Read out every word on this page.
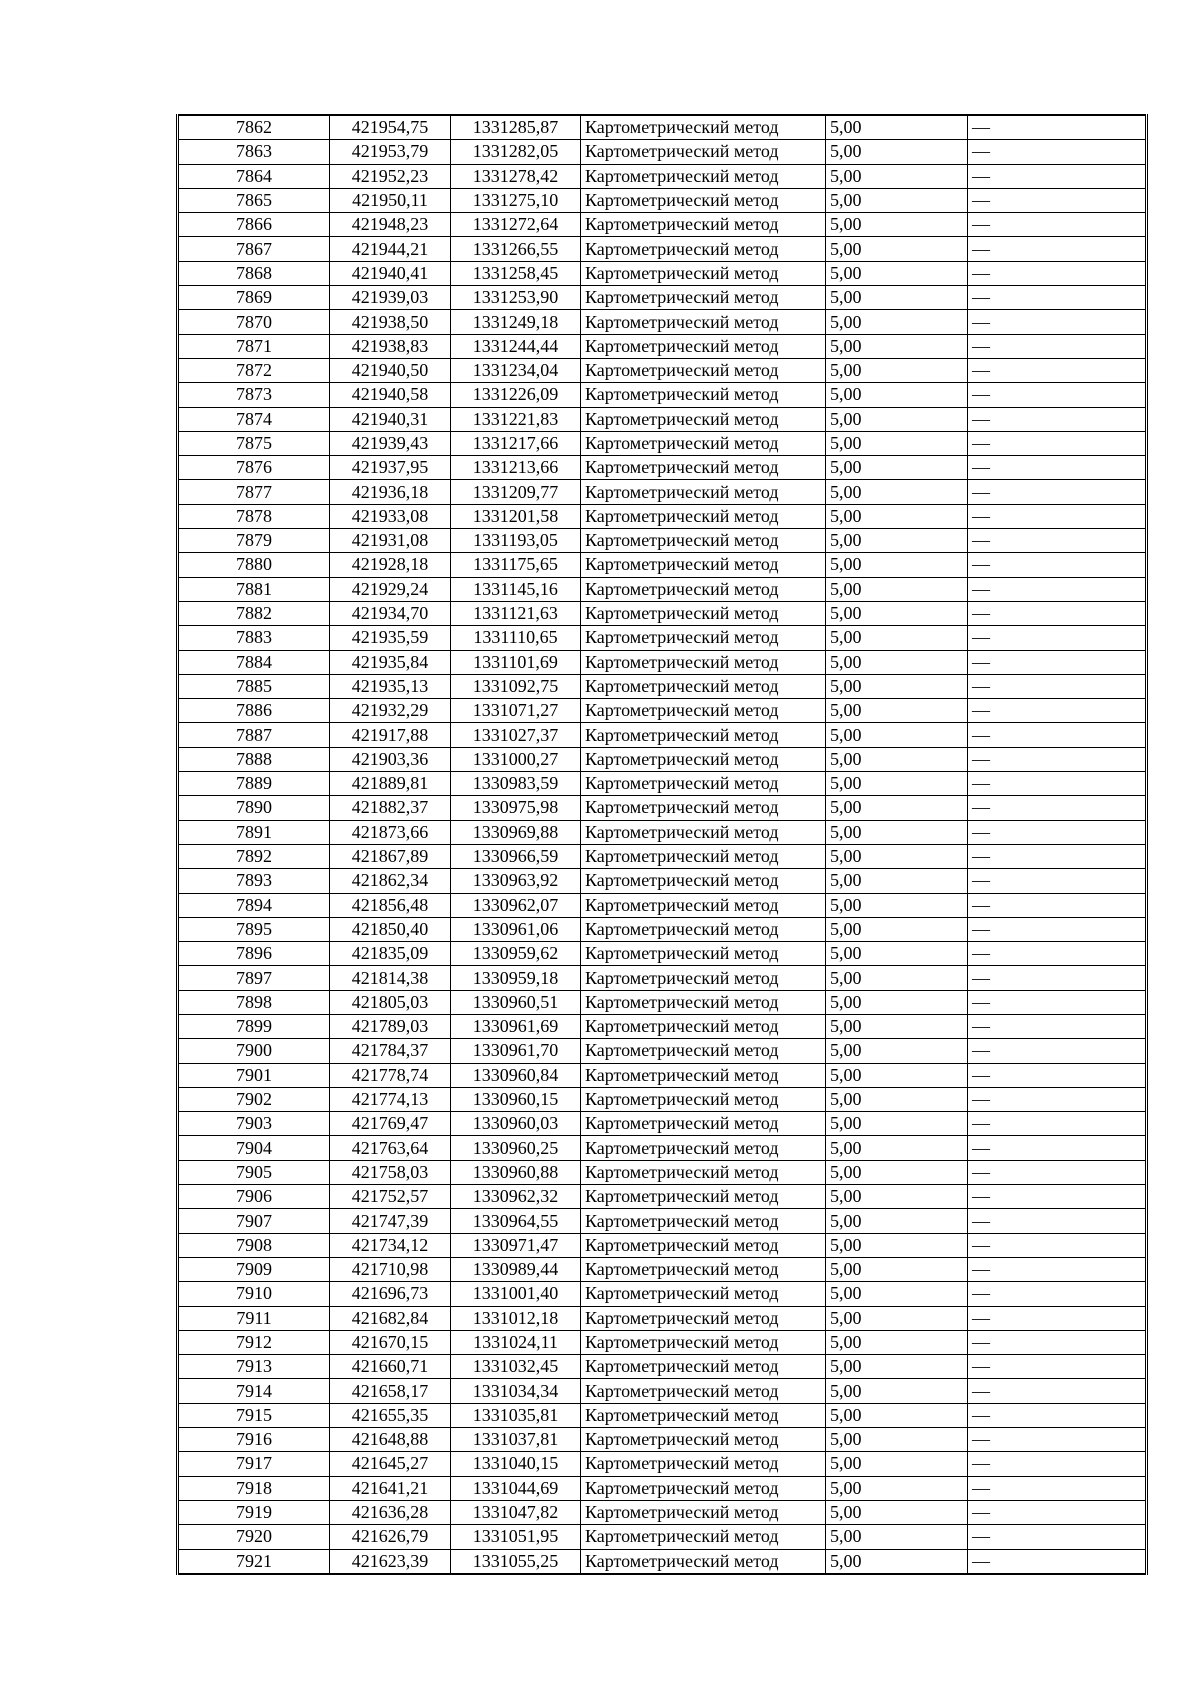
7862	421954,75	1331285,87	Картометрический метод	5,00	—
7863	421953,79	1331282,05	Картометрический метод	5,00	—
7864	421952,23	1331278,42	Картометрический метод	5,00	—
7865	421950,11	1331275,10	Картометрический метод	5,00	—
7866	421948,23	1331272,64	Картометрический метод	5,00	—
7867	421944,21	1331266,55	Картометрический метод	5,00	—
7868	421940,41	1331258,45	Картометрический метод	5,00	—
7869	421939,03	1331253,90	Картометрический метод	5,00	—
7870	421938,50	1331249,18	Картометрический метод	5,00	—
7871	421938,83	1331244,44	Картометрический метод	5,00	—
7872	421940,50	1331234,04	Картометрический метод	5,00	—
7873	421940,58	1331226,09	Картометрический метод	5,00	—
7874	421940,31	1331221,83	Картометрический метод	5,00	—
7875	421939,43	1331217,66	Картометрический метод	5,00	—
7876	421937,95	1331213,66	Картометрический метод	5,00	—
7877	421936,18	1331209,77	Картометрический метод	5,00	—
7878	421933,08	1331201,58	Картометрический метод	5,00	—
7879	421931,08	1331193,05	Картометрический метод	5,00	—
7880	421928,18	1331175,65	Картометрический метод	5,00	—
7881	421929,24	1331145,16	Картометрический метод	5,00	—
7882	421934,70	1331121,63	Картометрический метод	5,00	—
7883	421935,59	1331110,65	Картометрический метод	5,00	—
7884	421935,84	1331101,69	Картометрический метод	5,00	—
7885	421935,13	1331092,75	Картометрический метод	5,00	—
7886	421932,29	1331071,27	Картометрический метод	5,00	—
7887	421917,88	1331027,37	Картометрический метод	5,00	—
7888	421903,36	1331000,27	Картометрический метод	5,00	—
7889	421889,81	1330983,59	Картометрический метод	5,00	—
7890	421882,37	1330975,98	Картометрический метод	5,00	—
7891	421873,66	1330969,88	Картометрический метод	5,00	—
7892	421867,89	1330966,59	Картометрический метод	5,00	—
7893	421862,34	1330963,92	Картометрический метод	5,00	—
7894	421856,48	1330962,07	Картометрический метод	5,00	—
7895	421850,40	1330961,06	Картометрический метод	5,00	—
7896	421835,09	1330959,62	Картометрический метод	5,00	—
7897	421814,38	1330959,18	Картометрический метод	5,00	—
7898	421805,03	1330960,51	Картометрический метод	5,00	—
7899	421789,03	1330961,69	Картометрический метод	5,00	—
7900	421784,37	1330961,70	Картометрический метод	5,00	—
7901	421778,74	1330960,84	Картометрический метод	5,00	—
7902	421774,13	1330960,15	Картометрический метод	5,00	—
7903	421769,47	1330960,03	Картометрический метод	5,00	—
7904	421763,64	1330960,25	Картометрический метод	5,00	—
7905	421758,03	1330960,88	Картометрический метод	5,00	—
7906	421752,57	1330962,32	Картометрический метод	5,00	—
7907	421747,39	1330964,55	Картометрический метод	5,00	—
7908	421734,12	1330971,47	Картометрический метод	5,00	—
7909	421710,98	1330989,44	Картометрический метод	5,00	—
7910	421696,73	1331001,40	Картометрический метод	5,00	—
7911	421682,84	1331012,18	Картометрический метод	5,00	—
7912	421670,15	1331024,11	Картометрический метод	5,00	—
7913	421660,71	1331032,45	Картометрический метод	5,00	—
7914	421658,17	1331034,34	Картометрический метод	5,00	—
7915	421655,35	1331035,81	Картометрический метод	5,00	—
7916	421648,88	1331037,81	Картометрический метод	5,00	—
7917	421645,27	1331040,15	Картометрический метод	5,00	—
7918	421641,21	1331044,69	Картометрический метод	5,00	—
7919	421636,28	1331047,82	Картометрический метод	5,00	—
7920	421626,79	1331051,95	Картометрический метод	5,00	—
7921	421623,39	1331055,25	Картометрический метод	5,00	—
